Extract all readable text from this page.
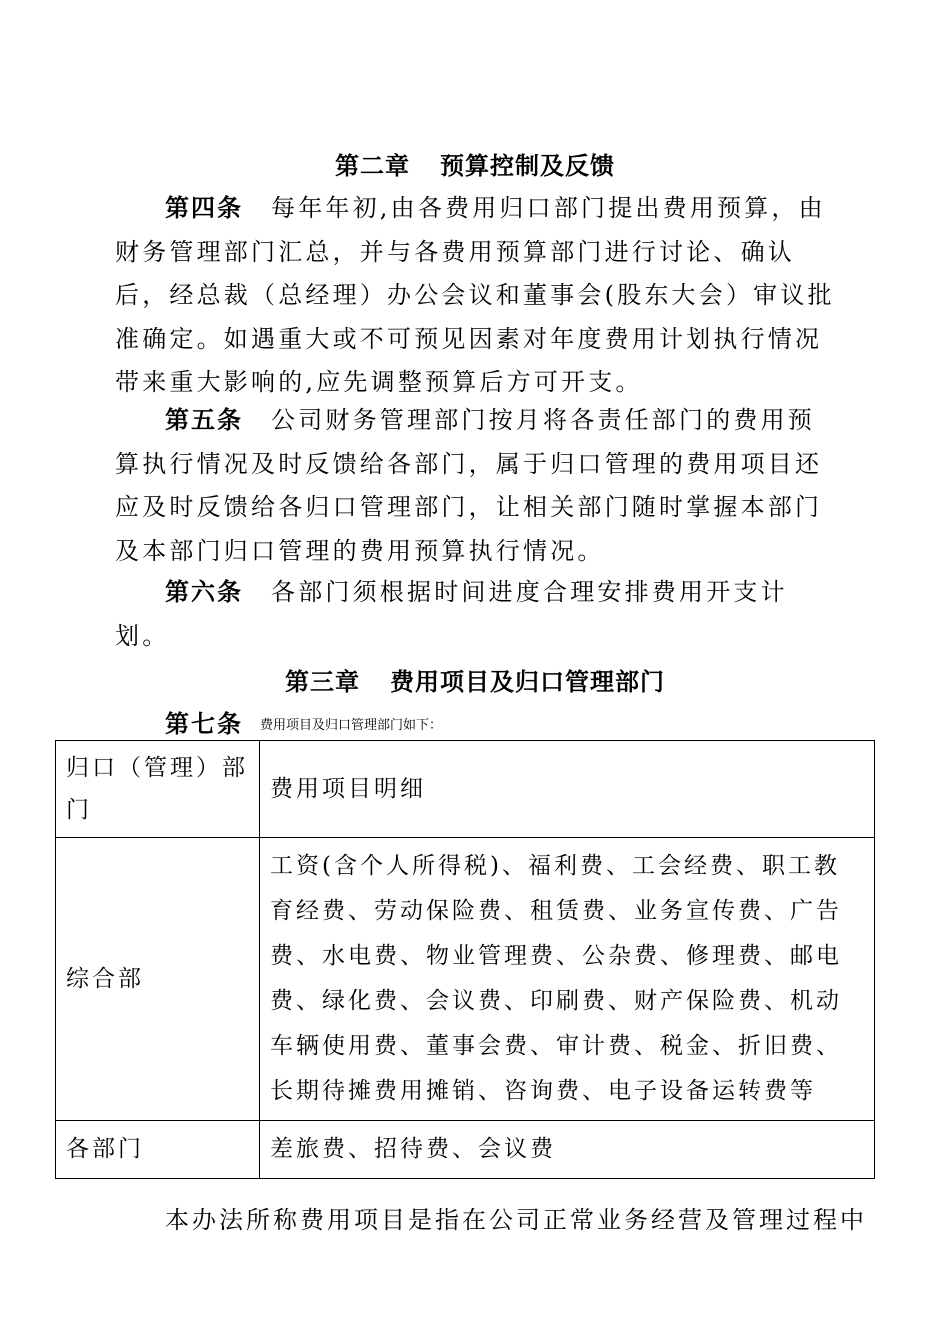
第二章 预算控制及反馈
第四条 每年年初,由各费用归口部门提出费用预算，由财务管理部门汇总，并与各费用预算部门进行讨论、确认后，经总裁（总经理）办公会议和董事会(股东大会）审议批准确定。如遇重大或不可预见因素对年度费用计划执行情况带来重大影响的,应先调整预算后方可开支。
第五条 公司财务管理部门按月将各责任部门的费用预算执行情况及时反馈给各部门，属于归口管理的费用项目还应及时反馈给各归口管理部门，让相关部门随时掌握本部门及本部门归口管理的费用预算执行情况。
第六条 各部门须根据时间进度合理安排费用开支计划。
第三章 费用项目及归口管理部门
第七条 费用项目及归口管理部门如下：
归口（管理）部门	费用项目明细
综合部	工资(含个人所得税)、福利费、工会经费、职工教育经费、劳动保险费、租赁费、业务宣传费、广告费、水电费、物业管理费、公杂费、修理费、邮电费、绿化费、会议费、印刷费、财产保险费、机动车辆使用费、董事会费、审计费、税金、折旧费、长期待摊费用摊销、咨询费、电子设备运转费等
各部门	差旅费、招待费、会议费
本办法所称费用项目是指在公司正常业务经营及管理过程中
